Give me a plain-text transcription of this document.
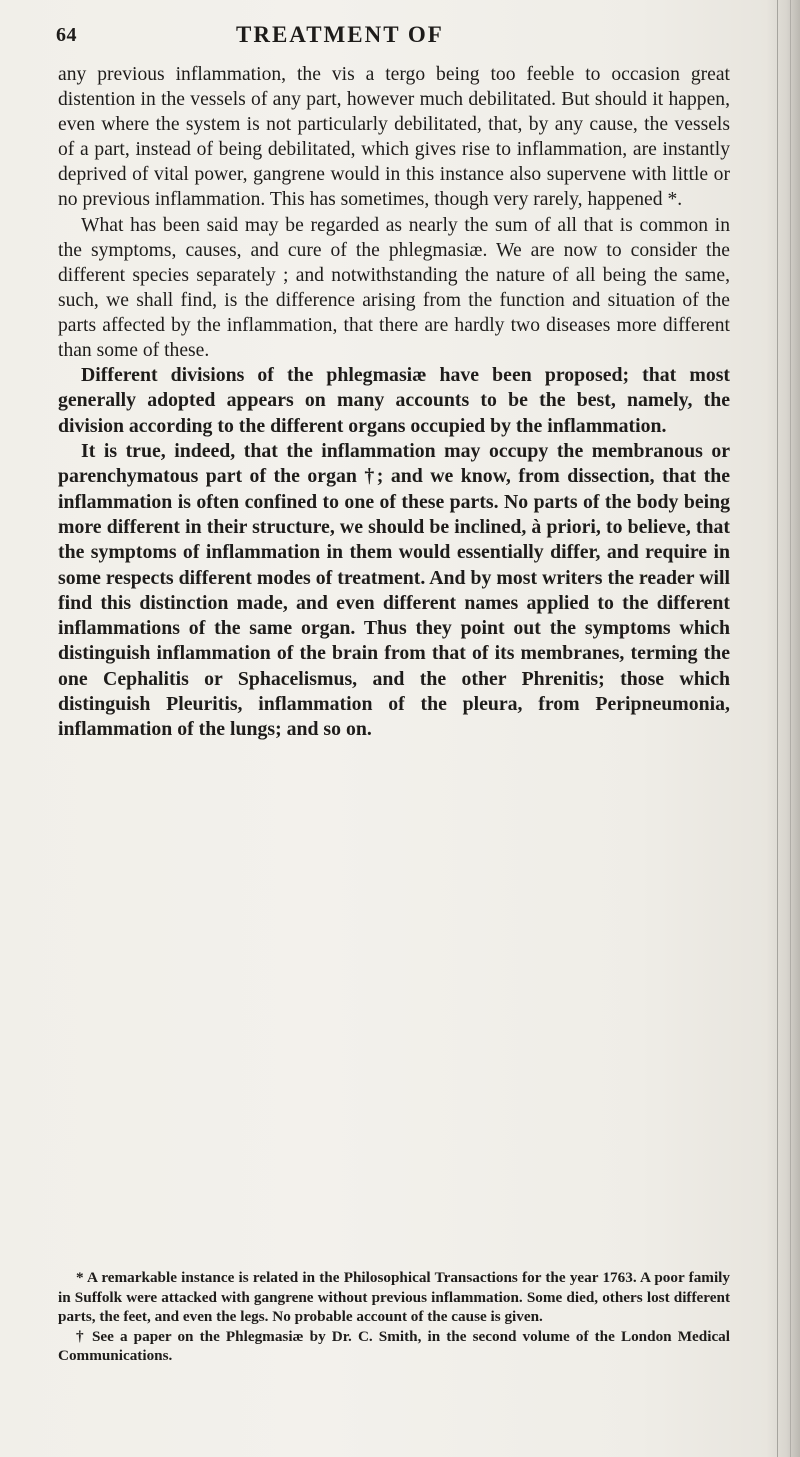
64	TREATMENT OF

any previous inflammation, the vis a tergo being too feeble to occasion great distention in the vessels of any part, however much debilitated. But should it happen, even where the system is not particularly debilitated, that, by any cause, the vessels of a part, instead of being debilitated, which gives rise to inflammation, are instantly deprived of vital power, gangrene would in this instance also supervene with little or no previous inflammation. This has sometimes, though very rarely, happened *.

What has been said may be regarded as nearly the sum of all that is common in the symptoms, causes, and cure of the phlegmasiæ. We are now to consider the different species separately ; and notwithstanding the nature of all being the same, such, we shall find, is the difference arising from the function and situation of the parts affected by the inflammation, that there are hardly two diseases more different than some of these.

Different divisions of the phlegmasiæ have been proposed; that most generally adopted appears on many accounts to be the best, namely, the division according to the different organs occupied by the inflammation.

It is true, indeed, that the inflammation may occupy the membranous or parenchymatous part of the organ †; and we know, from dissection, that the inflammation is often confined to one of these parts. No parts of the body being more different in their structure, we should be inclined, à priori, to believe, that the symptoms of inflammation in them would essentially differ, and require in some respects different modes of treatment. And by most writers the reader will find this distinction made, and even different names applied to the different inflammations of the same organ. Thus they point out the symptoms which distinguish inflammation of the brain from that of its membranes, terming the one Cephalitis or Sphacelismus, and the other Phrenitis; those which distinguish Pleuritis, inflammation of the pleura, from Peripneumonia, inflammation of the lungs; and so on.

* A remarkable instance is related in the Philosophical Transactions for the year 1763. A poor family in Suffolk were attacked with gangrene without previous inflammation. Some died, others lost different parts, the feet, and even the legs. No probable account of the cause is given.

† See a paper on the Phlegmasiæ by Dr. C. Smith, in the second volume of the London Medical Communications.
